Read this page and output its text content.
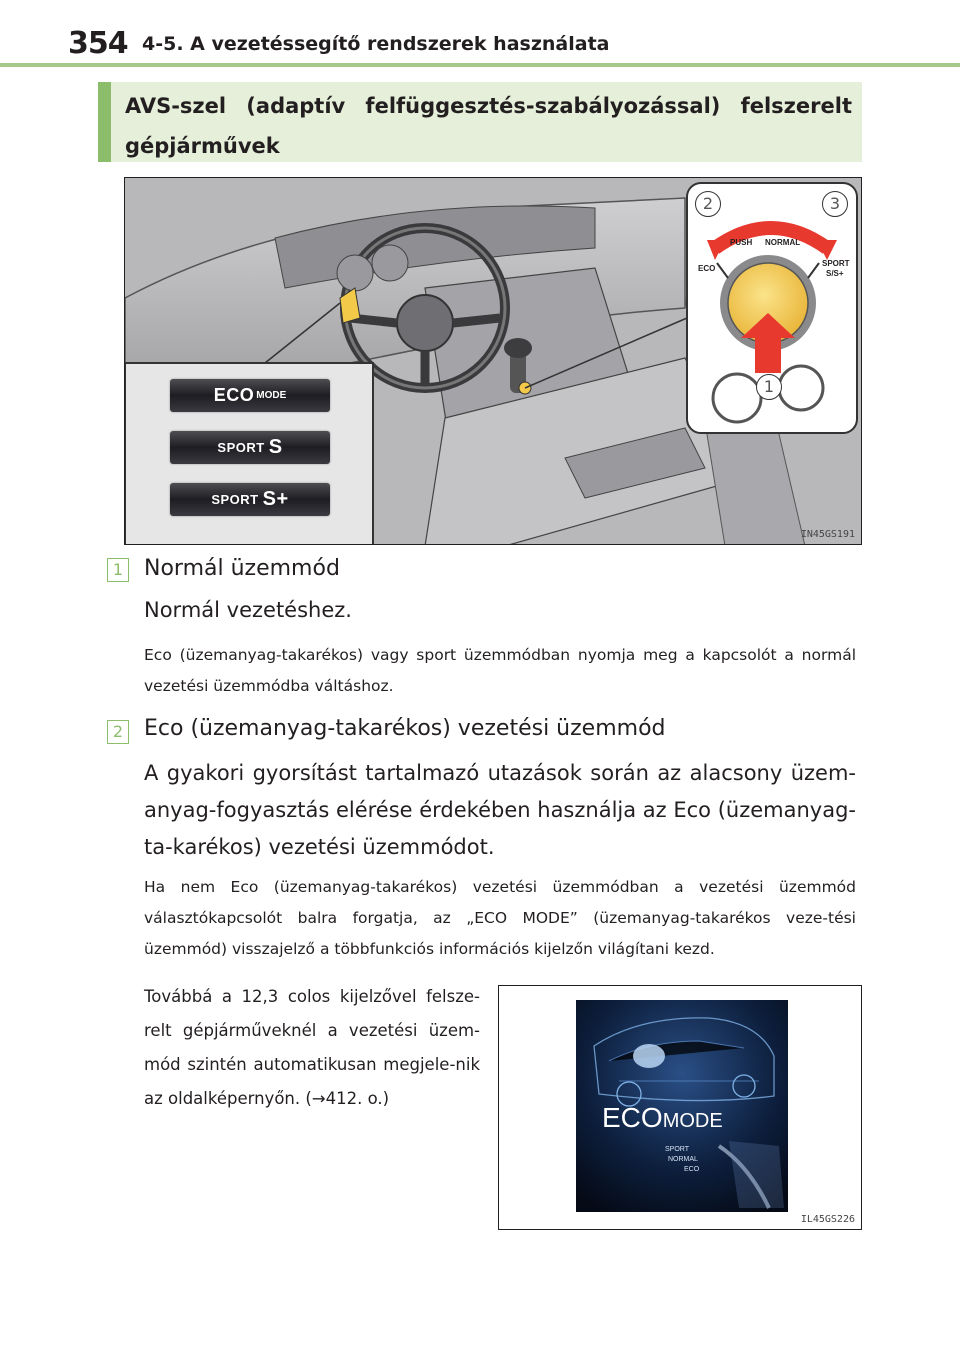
354 4-5. A vezetéssegítő rendszerek használata
AVS-szel (adaptív felfüggesztés-szabályozással) felszerelt gépjárművek
PUSH NORMAL
ECO
SPORT
S/S+
1
2	3
IN45GS191
ECO MODE
SPORT S
SPORT S+
1 Normál üzemmód
Normál vezetéshez.
Eco (üzemanyag-takarékos) vagy sport üzemmódban nyomja meg a kapcsolót a normál vezetési üzemmódba váltáshoz.
2 Eco (üzemanyag-takarékos) vezetési üzemmód
A gyakori gyorsítást tartalmazó utazások során az alacsony üzem-anyag-fogyasztás elérése érdekében használja az Eco (üzemanyag-ta-karékos) vezetési üzemmódot.
Ha nem Eco (üzemanyag-takarékos) vezetési üzemmódban a vezetési üzemmód választókapcsolót balra forgatja, az „ECO MODE” (üzemanyag-takarékos veze-tési üzemmód) visszajelző a többfunkciós információs kijelzőn világítani kezd.
Továbbá a 12,3 colos kijelzővel felsze-relt gépjárműveknél a vezetési üzem-mód szintén automatikusan megjele-nik az oldalképernyőn. (→412. o.)
ECOMODE
SPORT
NORMAL
ECO
IL45GS226
